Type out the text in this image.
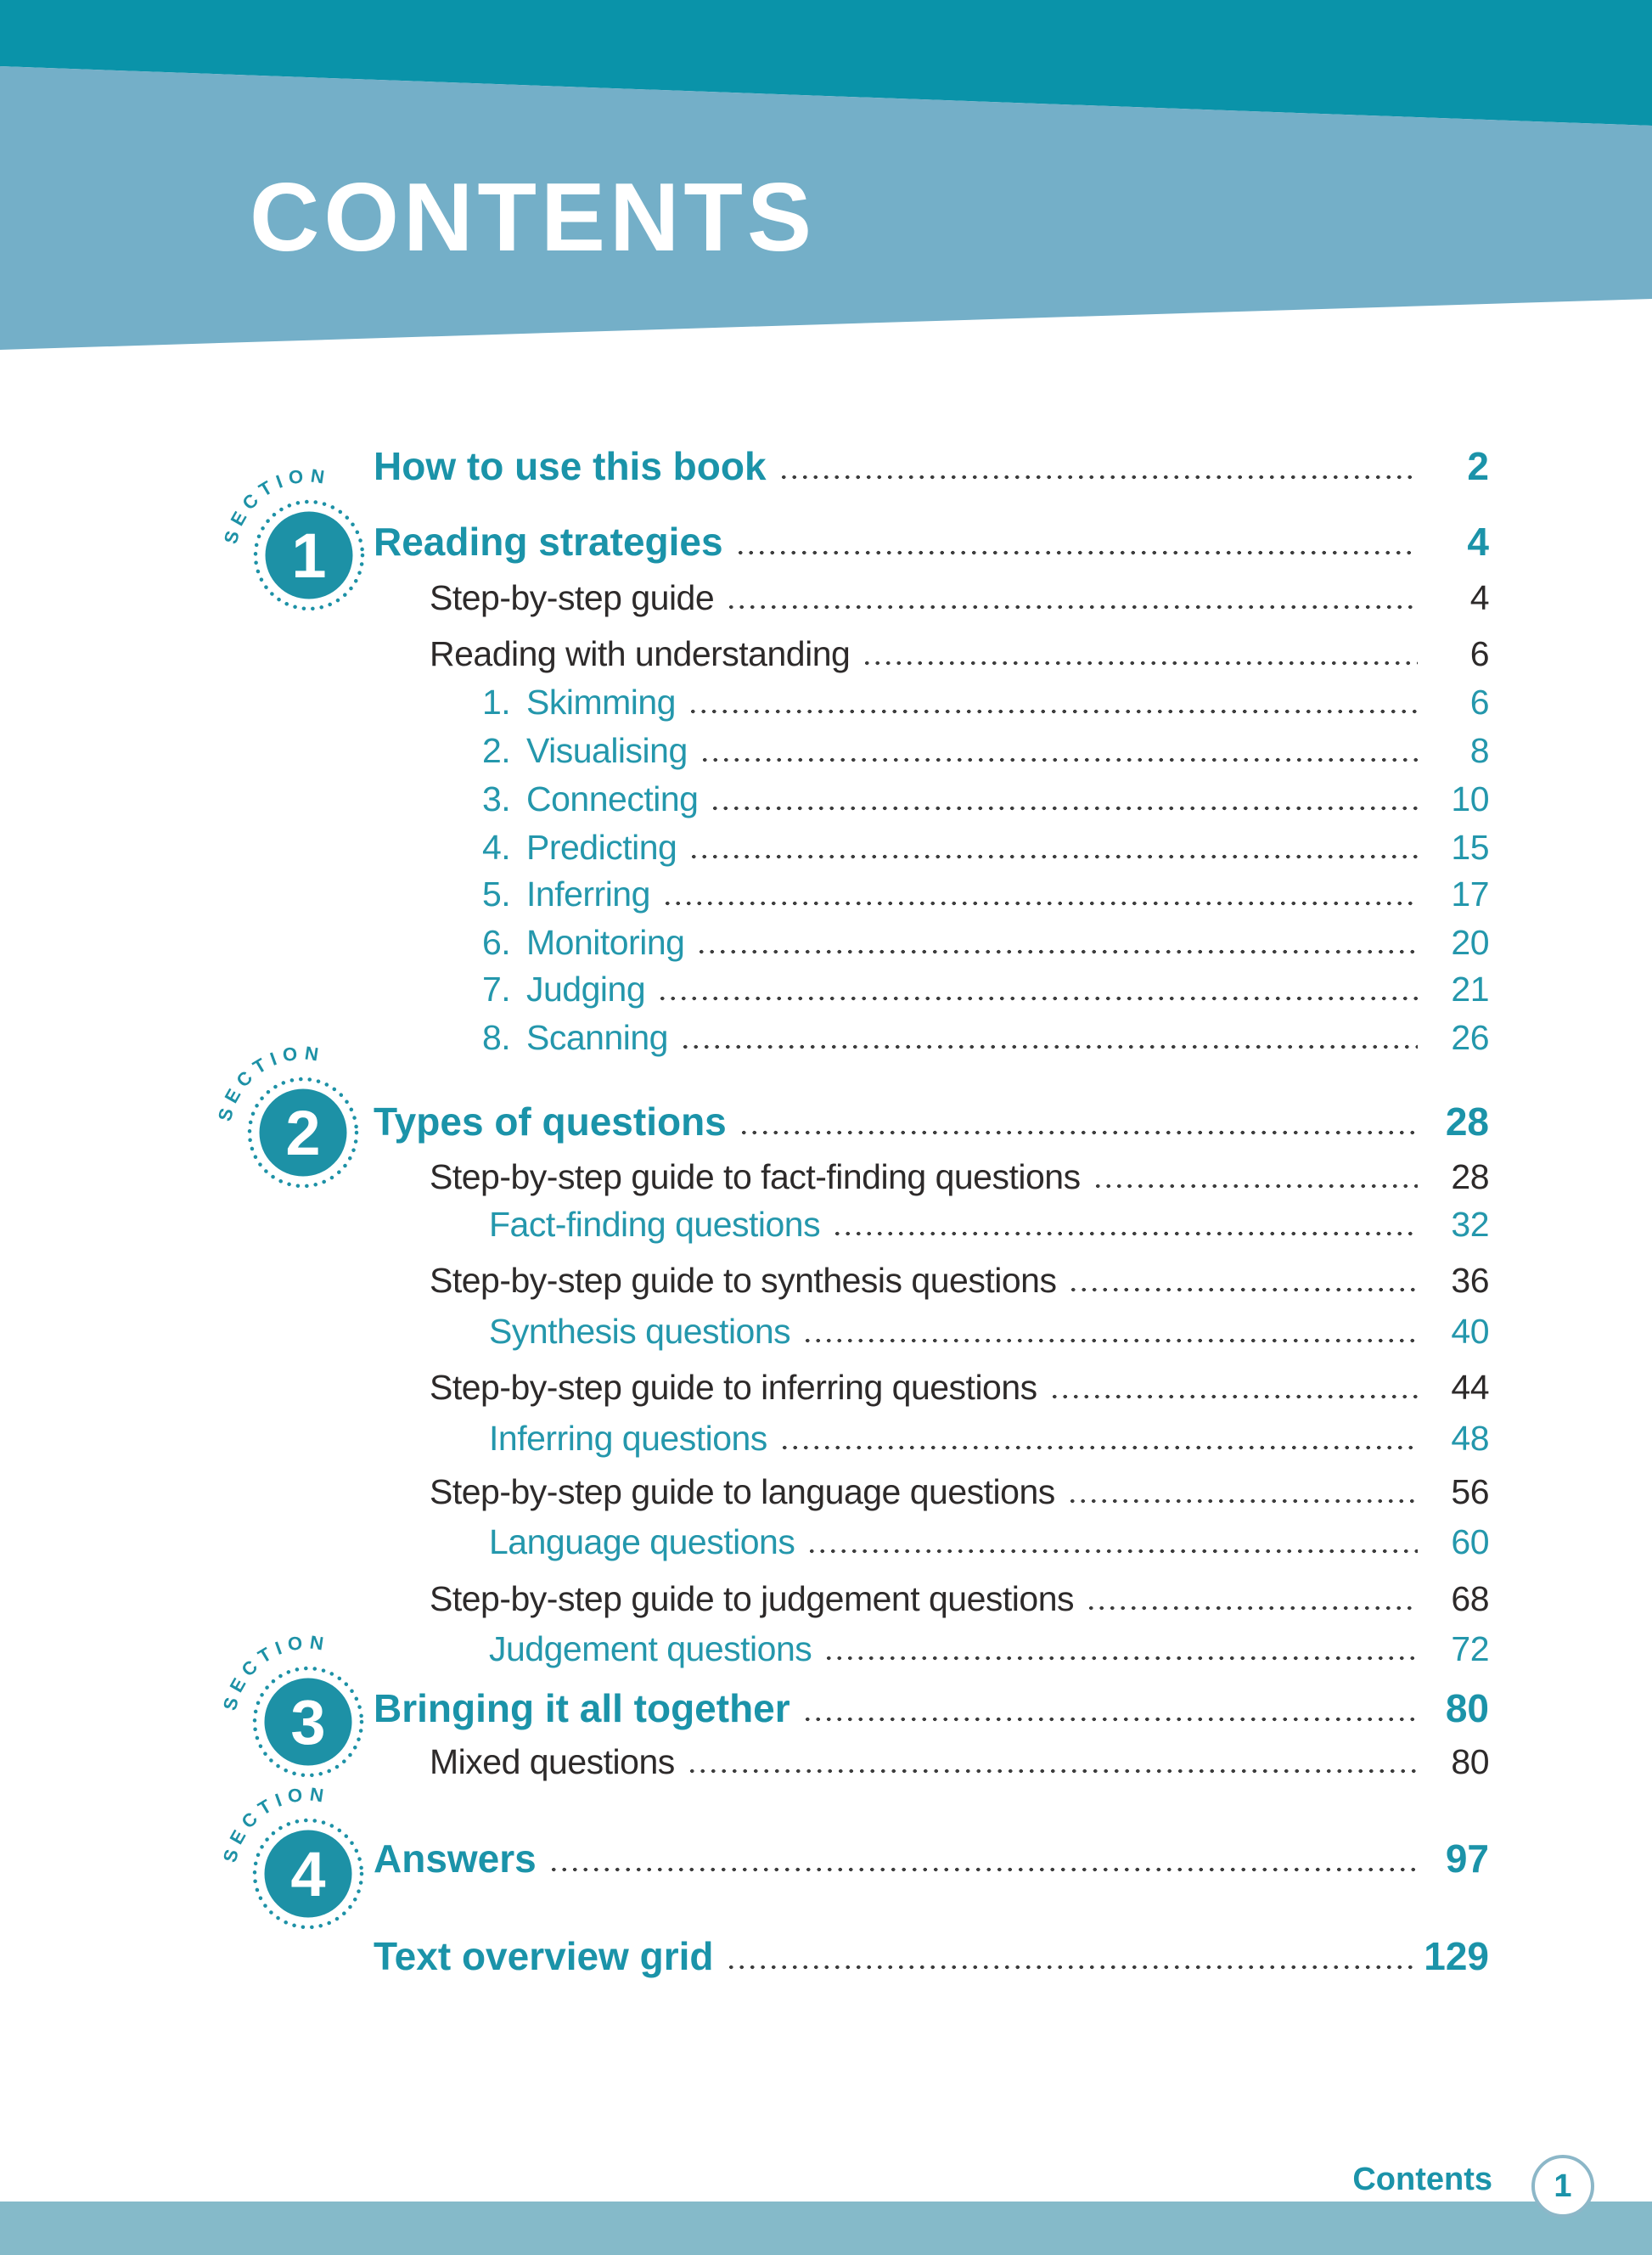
CONTENTS
SECTION
1
SECTION
2
SECTION
3
SECTION
4
How to use this book	2
Reading strategies	4
Step-by-step guide	4
Reading with understanding	6
1. Skimming	6
2. Visualising	8
3. Connecting	10
4. Predicting	15
5. Inferring	17
6. Monitoring	20
7. Judging	21
8. Scanning	26
Types of questions	28
Step-by-step guide to fact-finding questions	28
Fact-finding questions	32
Step-by-step guide to synthesis questions	36
Synthesis questions	40
Step-by-step guide to inferring questions	44
Inferring questions	48
Step-by-step guide to language questions	56
Language questions	60
Step-by-step guide to judgement questions	68
Judgement questions	72
Bringing it all together	80
Mixed questions	80
Answers	97
Text overview grid	129
Contents 1
